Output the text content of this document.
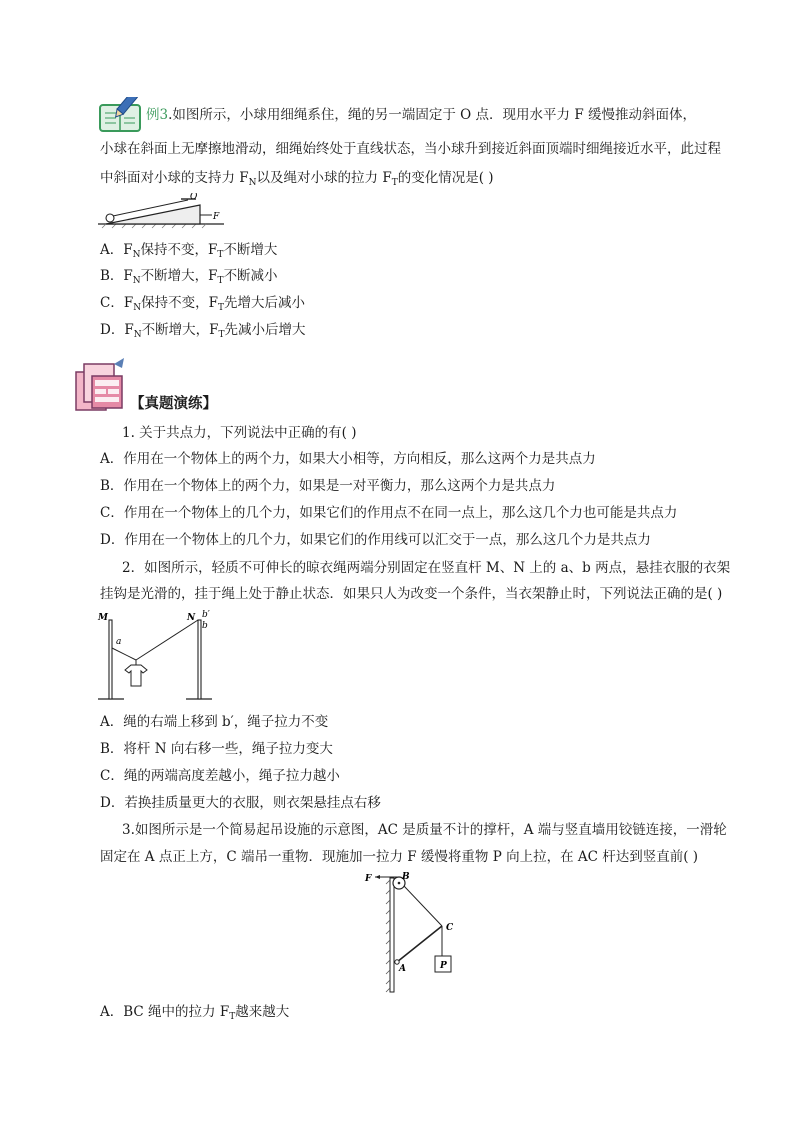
例3.如图所示，小球用细绳系住，绳的另一端固定于 O 点．现用水平力 F 缓慢推动斜面体，
小球在斜面上无摩擦地滑动，细绳始终处于直线状态，当小球升到接近斜面顶端时细绳接近水平，此过程
中斜面对小球的支持力 $F_N$以及绳对小球的拉力 $F_T$的变化情况是( )
O
F
A．$F_N$保持不变，$F_T$不断增大
B．$F_N$不断增大，$F_T$不断减小
C．$F_N$保持不变，$F_T$先增大后减小
D．$F_N$不断增大，$F_T$先减小后增大
【真题演练】
1. 关于共点力，下列说法中正确的有( )
A．作用在一个物体上的两个力，如果大小相等，方向相反，那么这两个力是共点力
B．作用在一个物体上的两个力，如果是一对平衡力，那么这两个力是共点力
C．作用在一个物体上的几个力，如果它们的作用点不在同一点上，那么这几个力也可能是共点力
D．作用在一个物体上的几个力，如果它们的作用线可以汇交于一点，那么这几个力是共点力
2．如图所示，轻质不可伸长的晾衣绳两端分别固定在竖直杆 M、N 上的 a、b 两点，悬挂衣服的衣架
挂钩是光滑的，挂于绳上处于静止状态．如果只人为改变一个条件，当衣架静止时，下列说法正确的是( )
M
a
N b′
b
A．绳的右端上移到 b′，绳子拉力不变
B．将杆 N 向右移一些，绳子拉力变大
C．绳的两端高度差越小，绳子拉力越小
D．若换挂质量更大的衣服，则衣架悬挂点右移
3.如图所示是一个简易起吊设施的示意图，AC 是质量不计的撑杆，A 端与竖直墙用铰链连接，一滑轮
固定在 A 点正上方，C 端吊一重物．现施加一拉力 F 缓慢将重物 P 向上拉，在 AC 杆达到竖直前( )
F	B
C
A	P
A．BC 绳中的拉力 $F_T$越来越大
